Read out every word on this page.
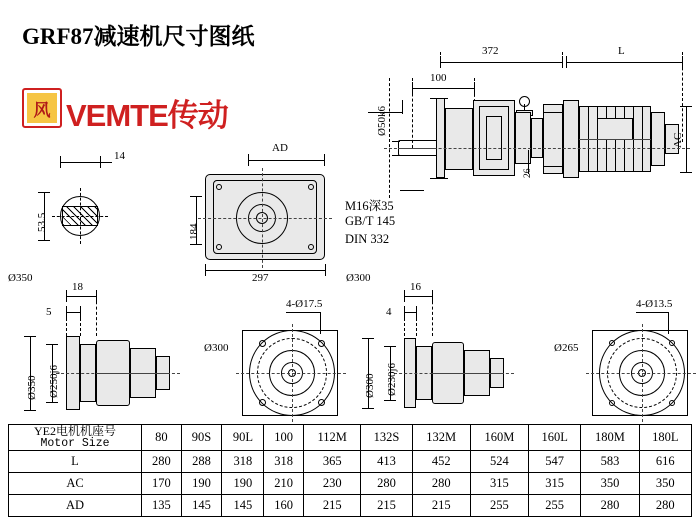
GRF87减速机尺寸图纸
风 VEMTE传动
372	L
100
Ø50k6
AC
26
M16深35
GB/T 145
DIN 332
14
53.5
AD
184
297
Ø350
18
5
Ø350 Ø250j6
Ø300
4-Ø17.5
Ø300
16
4
Ø300 Ø230j6
Ø265
4-Ø13.5
YE2电机机座号
Motor Size	80	90S	90L	100	112M	132S	132M	160M	160L	180M	180L
L	280	288	318	318	365	413	452	524	547	583	616
AC	170	190	190	210	230	280	280	315	315	350	350
AD	135	145	145	160	215	215	215	255	255	280	280
